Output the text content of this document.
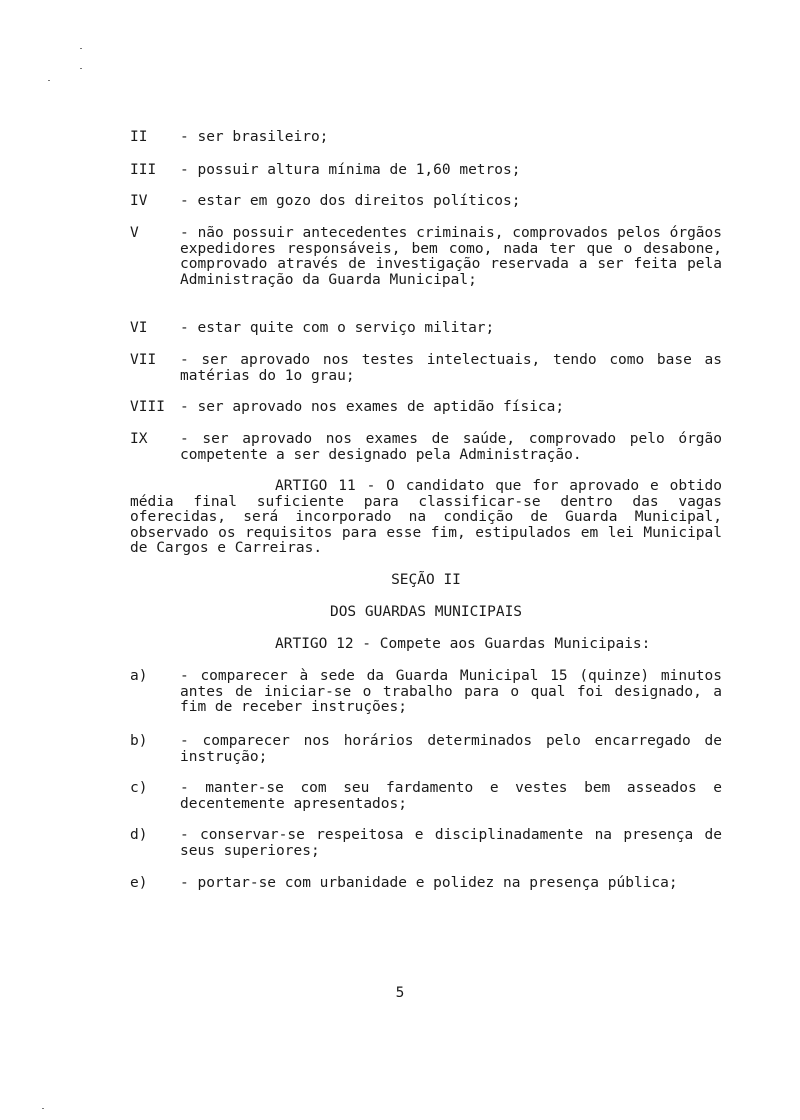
II - ser brasileiro;
III - possuir altura mínima de 1,60 metros;
IV - estar em gozo dos direitos políticos;
V	- não possuir antecedentes criminais, comprovados pelos órgãos expedidores responsáveis, bem como, nada ter que o desabone, comprovado através de investigação reservada a ser feita pela Administração da Guarda Municipal;
VI - estar quite com o serviço militar;
VII - ser aprovado nos testes intelectuais, tendo como base as matérias do 1o grau;
VIII - ser aprovado nos exames de aptidão física;
IX - ser aprovado nos exames de saúde, comprovado pelo órgão competente a ser designado pela Administração.
ARTIGO 11 - O candidato que for aprovado e obtido média final suficiente para classificar-se dentro das vagas oferecidas, será incorporado na condição de Guarda Municipal, observado os requisitos para esse fim, estipulados em lei Municipal de Cargos e Carreiras.
SEÇÃO II
DOS GUARDAS MUNICIPAIS
ARTIGO 12 - Compete aos Guardas Municipais:
a) - comparecer à sede da Guarda Municipal 15 (quinze) minutos antes de iniciar-se o trabalho para o qual foi designado, a fim de receber instruções;
b) - comparecer nos horários determinados pelo encarregado de instrução;
c) - manter-se com seu fardamento e vestes bem asseados e decentemente apresentados;
d) - conservar-se respeitosa e disciplinadamente na presença de seus superiores;
e) - portar-se com urbanidade e polidez na presença pública;
5
